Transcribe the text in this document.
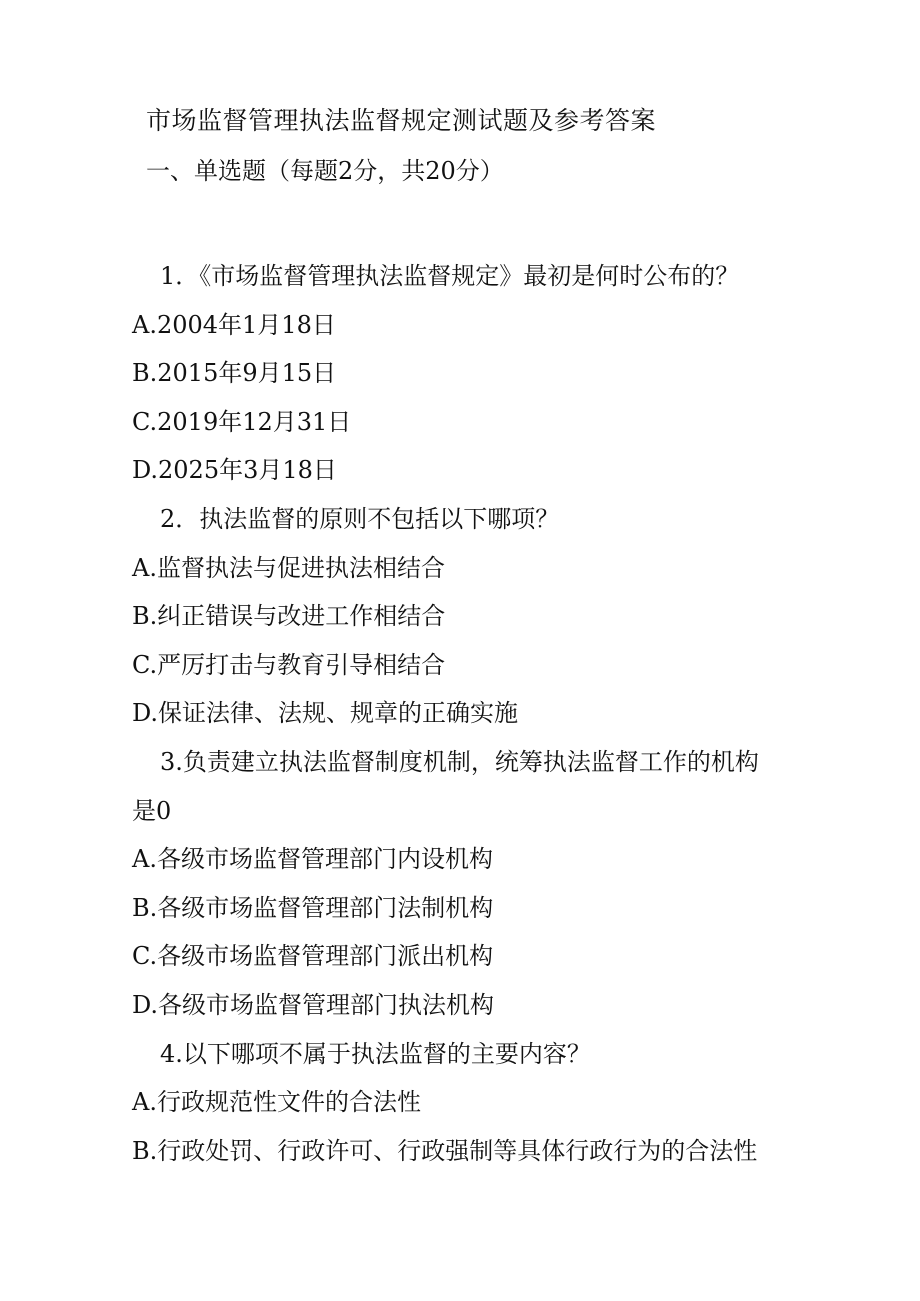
市场监督管理执法监督规定测试题及参考答案
一、单选题（每题2分，共20分）
1．《市场监督管理执法监督规定》最初是何时公布的？
A.2004年1月18日
B.2015年9月15日
C.2019年12月31日
D.2025年3月18日
2．执法监督的原则不包括以下哪项？
A.监督执法与促进执法相结合
B.纠正错误与改进工作相结合
C.严厉打击与教育引导相结合
D.保证法律、法规、规章的正确实施
3.负责建立执法监督制度机制，统筹执法监督工作的机构
是0
A.各级市场监督管理部门内设机构
B.各级市场监督管理部门法制机构
C.各级市场监督管理部门派出机构
D.各级市场监督管理部门执法机构
4.以下哪项不属于执法监督的主要内容？
A.行政规范性文件的合法性
B.行政处罚、行政许可、行政强制等具体行政行为的合法性
